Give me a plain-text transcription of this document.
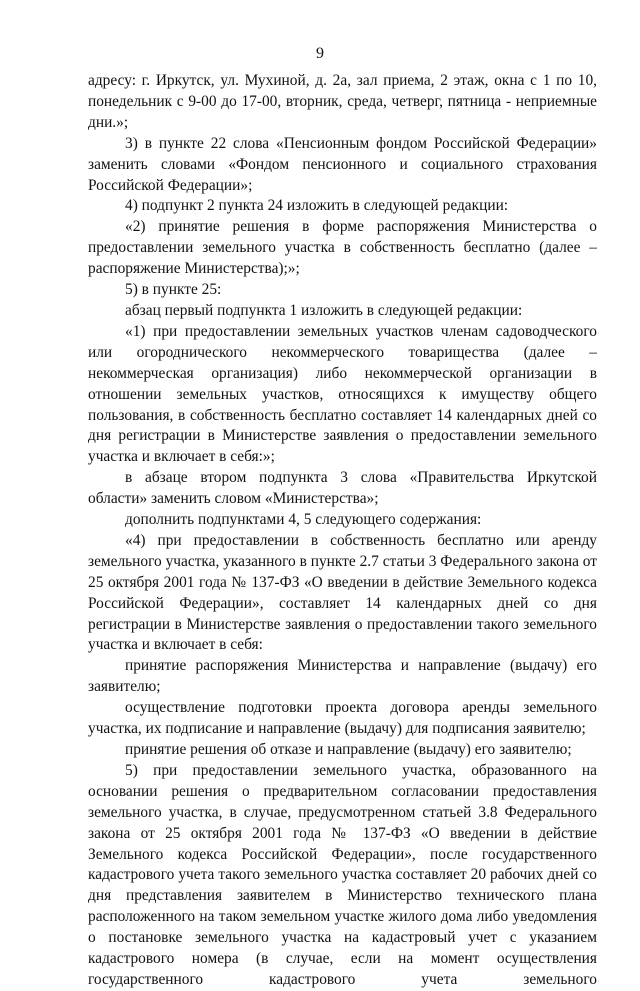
9

адресу: г. Иркутск, ул. Мухиной, д. 2а, зал приема, 2 этаж, окна с 1 по 10, понедельник с 9-00 до 17-00, вторник, среда, четверг, пятница - неприемные дни.»;

3) в пункте 22 слова «Пенсионным фондом Российской Федерации» заменить словами «Фондом пенсионного и социального страхования Российской Федерации»;

4) подпункт 2 пункта 24 изложить в следующей редакции:

«2) принятие решения в форме распоряжения Министерства о предоставлении земельного участка в собственность бесплатно (далее – распоряжение Министерства);»;

5) в пункте 25:

абзац первый подпункта 1 изложить в следующей редакции:

«1) при предоставлении земельных участков членам садоводческого или огороднического некоммерческого товарищества (далее – некоммерческая организация) либо некоммерческой организации в отношении земельных участков, относящихся к имуществу общего пользования, в собственность бесплатно составляет 14 календарных дней со дня регистрации в Министерстве заявления о предоставлении земельного участка и включает в себя:»;

в абзаце втором подпункта 3 слова «Правительства Иркутской области» заменить словом «Министерства»;

дополнить подпунктами 4, 5 следующего содержания:

«4) при предоставлении в собственность бесплатно или аренду земельного участка, указанного в пункте 2.7 статьи 3 Федерального закона от 25 октября 2001 года № 137-ФЗ «О введении в действие Земельного кодекса Российской Федерации», составляет 14 календарных дней со дня регистрации в Министерстве заявления о предоставлении такого земельного участка и включает в себя:

принятие распоряжения Министерства и направление (выдачу) его заявителю;

осуществление подготовки проекта договора аренды земельного участка, их подписание и направление (выдачу) для подписания заявителю;

принятие решения об отказе и направление (выдачу) его заявителю;

5) при предоставлении земельного участка, образованного на основании решения о предварительном согласовании предоставления земельного участка, в случае, предусмотренном статьей 3.8 Федерального закона от 25 октября 2001 года № 137-ФЗ «О введении в действие Земельного кодекса Российской Федерации», после государственного кадастрового учета такого земельного участка составляет 20 рабочих дней со дня представления заявителем в Министерство технического плана расположенного на таком земельном участке жилого дома либо уведомления о постановке земельного участка на кадастровый учет с указанием кадастрового номера (в случае, если на момент осуществления государственного кадастрового учета земельного
